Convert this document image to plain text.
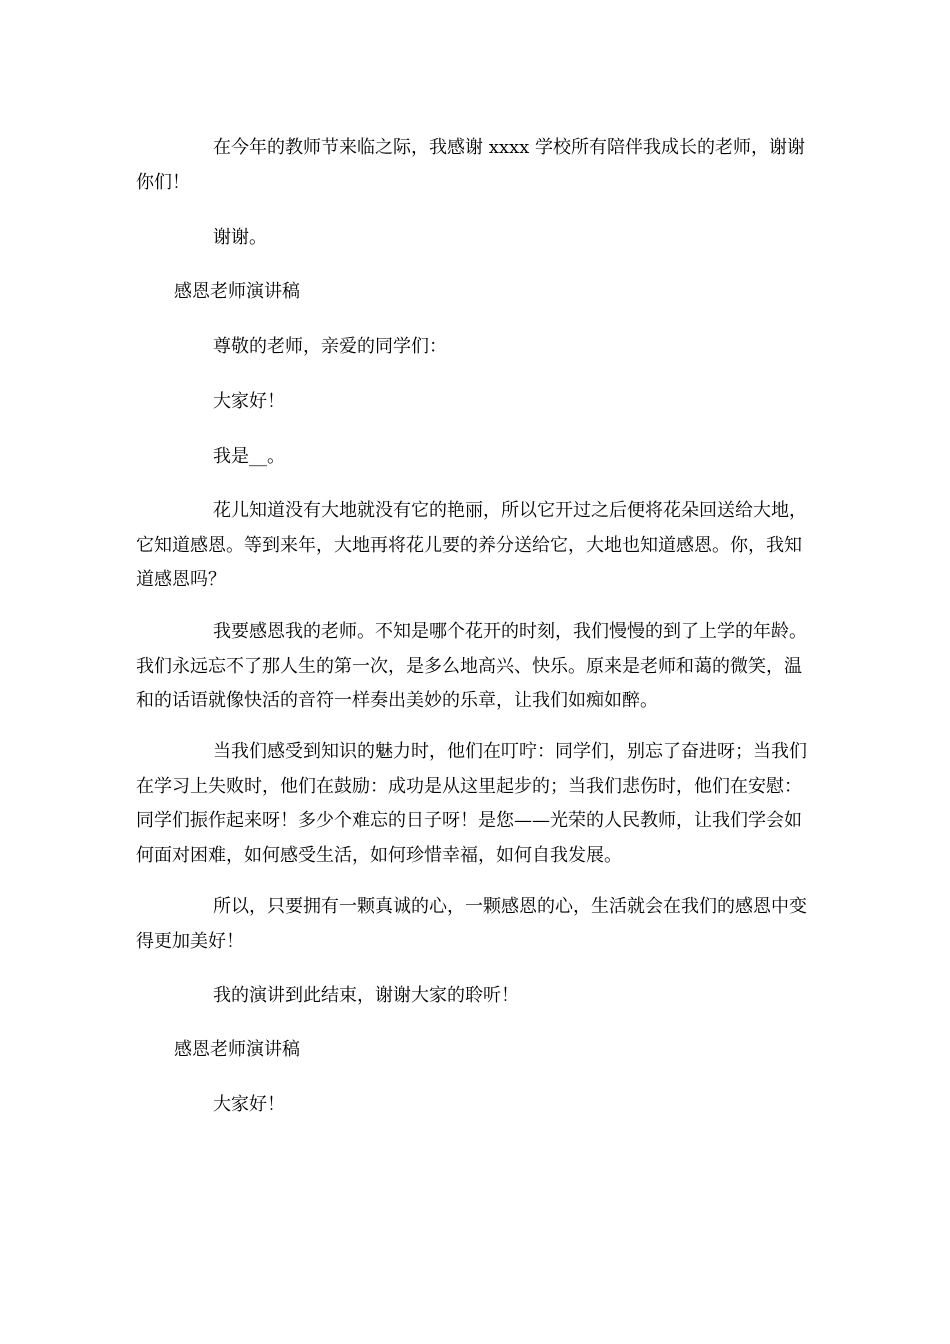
在今年的教师节来临之际，我感谢 xxxx 学校所有陪伴我成长的老师，谢谢你们！

谢谢。

感恩老师演讲稿

尊敬的老师，亲爱的同学们：

大家好！

我是__。

花儿知道没有大地就没有它的艳丽，所以它开过之后便将花朵回送给大地，它知道感恩。等到来年，大地再将花儿要的养分送给它，大地也知道感恩。你，我知道感恩吗？

我要感恩我的老师。不知是哪个花开的时刻，我们慢慢的到了上学的年龄。我们永远忘不了那人生的第一次，是多么地高兴、快乐。原来是老师和蔼的微笑，温和的话语就像快活的音符一样奏出美妙的乐章，让我们如痴如醉。

当我们感受到知识的魅力时，他们在叮咛：同学们，别忘了奋进呀；当我们在学习上失败时，他们在鼓励：成功是从这里起步的；当我们悲伤时，他们在安慰：同学们振作起来呀！多少个难忘的日子呀！是您——光荣的人民教师，让我们学会如何面对困难，如何感受生活，如何珍惜幸福，如何自我发展。

所以，只要拥有一颗真诚的心，一颗感恩的心，生活就会在我们的感恩中变得更加美好！

我的演讲到此结束，谢谢大家的聆听！

感恩老师演讲稿

大家好！
